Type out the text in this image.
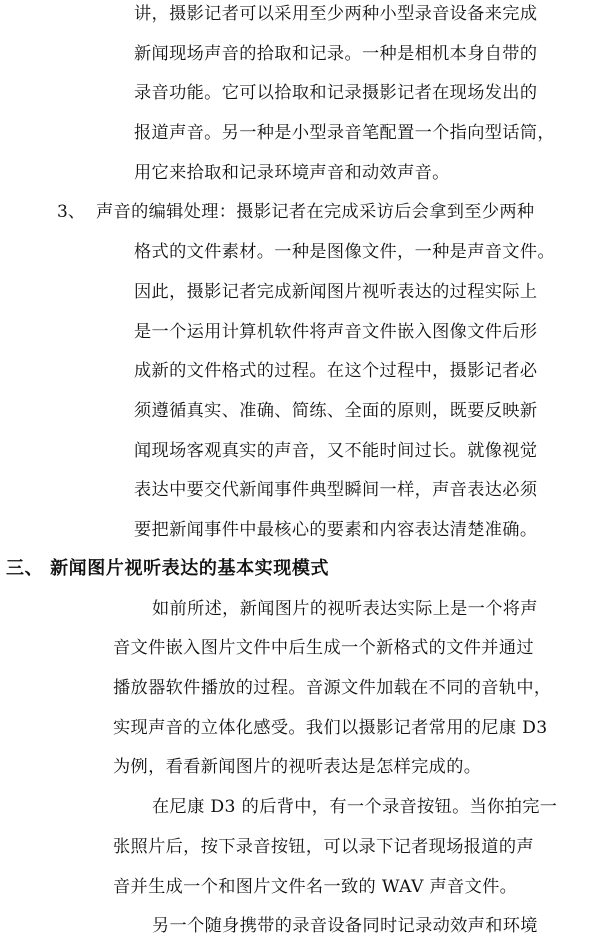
讲，摄影记者可以采用至少两种小型录音设备来完成
新闻现场声音的拾取和记录。一种是相机本身自带的
录音功能。它可以拾取和记录摄影记者在现场发出的
报道声音。另一种是小型录音笔配置一个指向型话筒，
用它来拾取和记录环境声音和动效声音。
3、 声音的编辑处理：摄影记者在完成采访后会拿到至少两种
格式的文件素材。一种是图像文件，一种是声音文件。
因此，摄影记者完成新闻图片视听表达的过程实际上
是一个运用计算机软件将声音文件嵌入图像文件后形
成新的文件格式的过程。在这个过程中，摄影记者必
须遵循真实、准确、简练、全面的原则，既要反映新
闻现场客观真实的声音，又不能时间过长。就像视觉
表达中要交代新闻事件典型瞬间一样，声音表达必须
要把新闻事件中最核心的要素和内容表达清楚准确。
三、 新闻图片视听表达的基本实现模式
如前所述，新闻图片的视听表达实际上是一个将声
音文件嵌入图片文件中后生成一个新格式的文件并通过
播放器软件播放的过程。音源文件加载在不同的音轨中，
实现声音的立体化感受。我们以摄影记者常用的尼康 D3
为例，看看新闻图片的视听表达是怎样完成的。
在尼康 D3 的后背中，有一个录音按钮。当你拍完一
张照片后，按下录音按钮，可以录下记者现场报道的声
音并生成一个和图片文件名一致的 WAV 声音文件。
另一个随身携带的录音设备同时记录动效声和环境
